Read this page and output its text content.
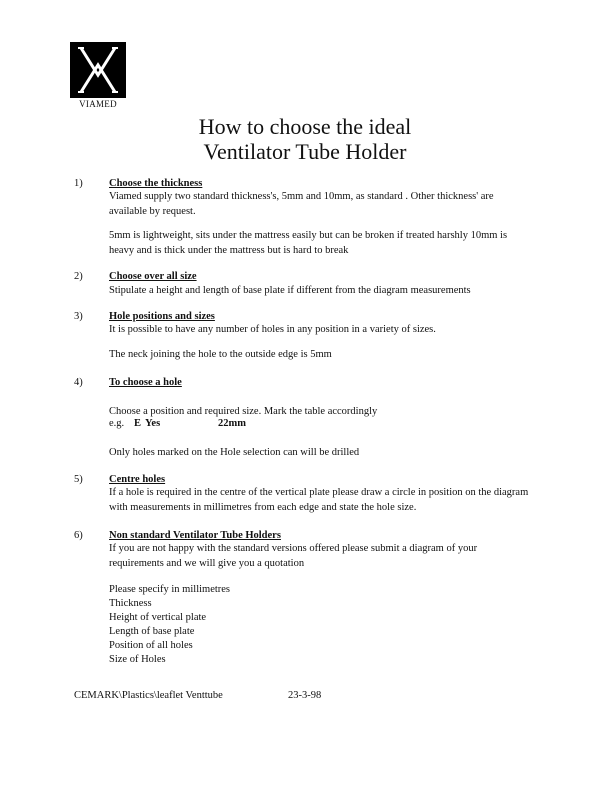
VIAMED
How to choose the ideal
Ventilator Tube Holder
1)	Choose the thickness
Viamed supply two standard thickness's, 5mm and 10mm, as standard . Other thickness' are available by request.
5mm is lightweight, sits under the mattress easily but can be broken if treated harshly 10mm is heavy and is thick under the mattress but is hard to break
2)	Choose over all size
Stipulate a height and length of base plate if different from the diagram measurements
3)	Hole positions and sizes
It is possible to have any number of holes in any position in a variety of sizes.
The neck joining the hole to the outside edge is 5mm
4)	To choose a hole
Choose a position and required size. Mark the table accordingly
e.g. E Yes	22mm
Only holes marked on the Hole selection can will be drilled
5)	Centre holes
If a hole is required in the centre of the vertical plate please draw a circle in position on the diagram with measurements in millimetres from each edge and state the hole size.
6)	Non standard Ventilator Tube Holders
If you are not happy with the standard versions offered please submit a diagram of your requirements and we will give you a quotation
Please specify in millimetres
Thickness
Height of vertical plate
Length of base plate
Position of all holes
Size of Holes
CEMARK\Plastics\leaflet Venttube	23-3-98
